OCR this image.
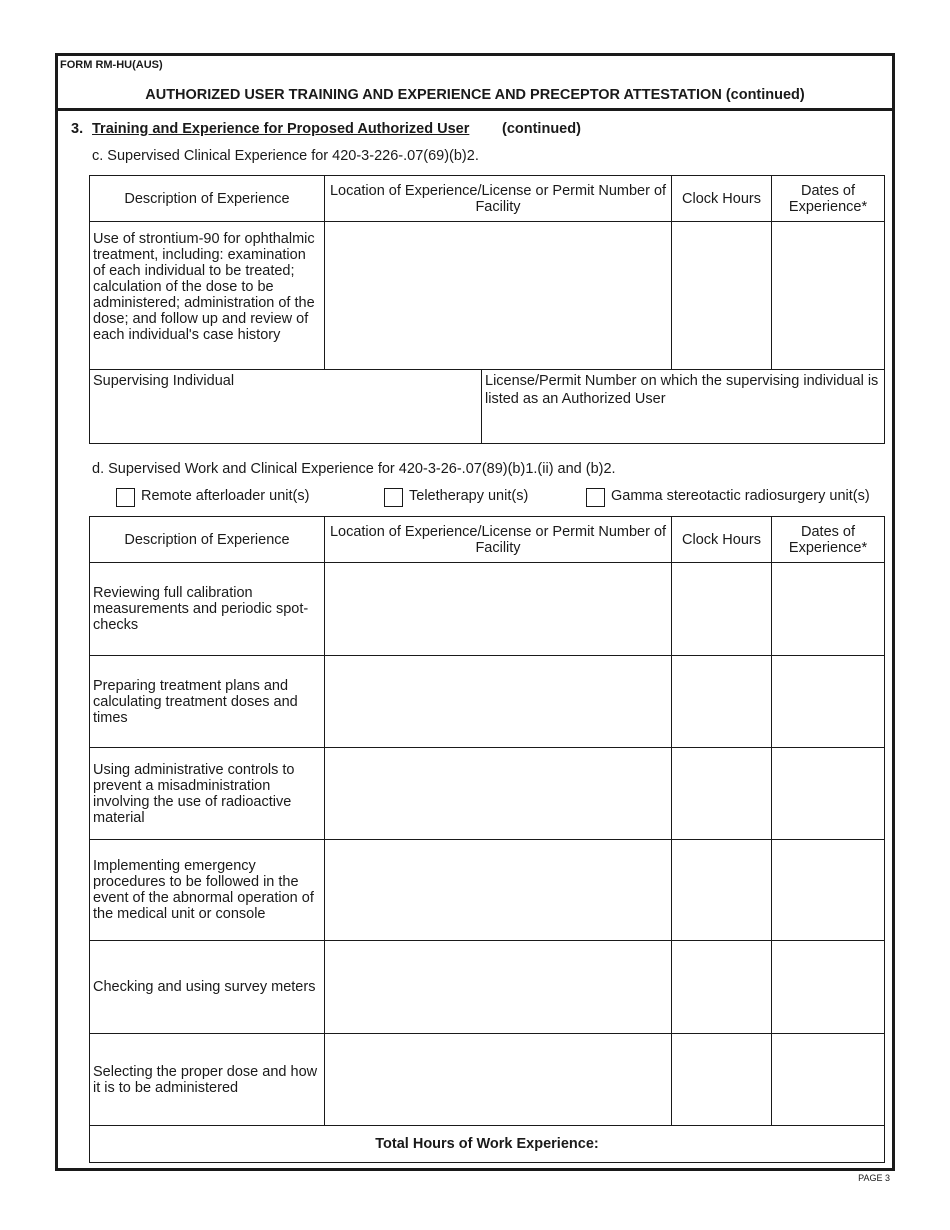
FORM RM-HU(AUS)
AUTHORIZED USER TRAINING AND EXPERIENCE AND PRECEPTOR ATTESTATION (continued)
3. Training and Experience for Proposed Authorized User (continued)
c. Supervised Clinical Experience for 420-3-226-.07(69)(b)2.
Description of Experience	Location of Experience/License or Permit Number of Facility	Clock Hours	Dates of Experience*
Use of strontium-90 for ophthalmic treatment, including: examination of each individual to be treated; calculation of the dose to be administered; administration of the dose; and follow up and review of each individual's case history			
Supervising Individual	License/Permit Number on which the supervising individual is listed as an Authorized User
d. Supervised Work and Clinical Experience for 420-3-26-.07(89)(b)1.(ii) and (b)2.
Remote afterloader unit(s)	Teletherapy unit(s)	Gamma stereotactic radiosurgery unit(s)
Description of Experience	Location of Experience/License or Permit Number of Facility	Clock Hours	Dates of Experience*
Reviewing full calibration measurements and periodic spot-checks			
Preparing treatment plans and calculating treatment doses and times			
Using administrative controls to prevent a misadministration involving the use of radioactive material			
Implementing emergency procedures to be followed in the event of the abnormal operation of the medical unit or console			
Checking and using survey meters			
Selecting the proper dose and how it is to be administered			
Total Hours of Work Experience:			
PAGE 3
